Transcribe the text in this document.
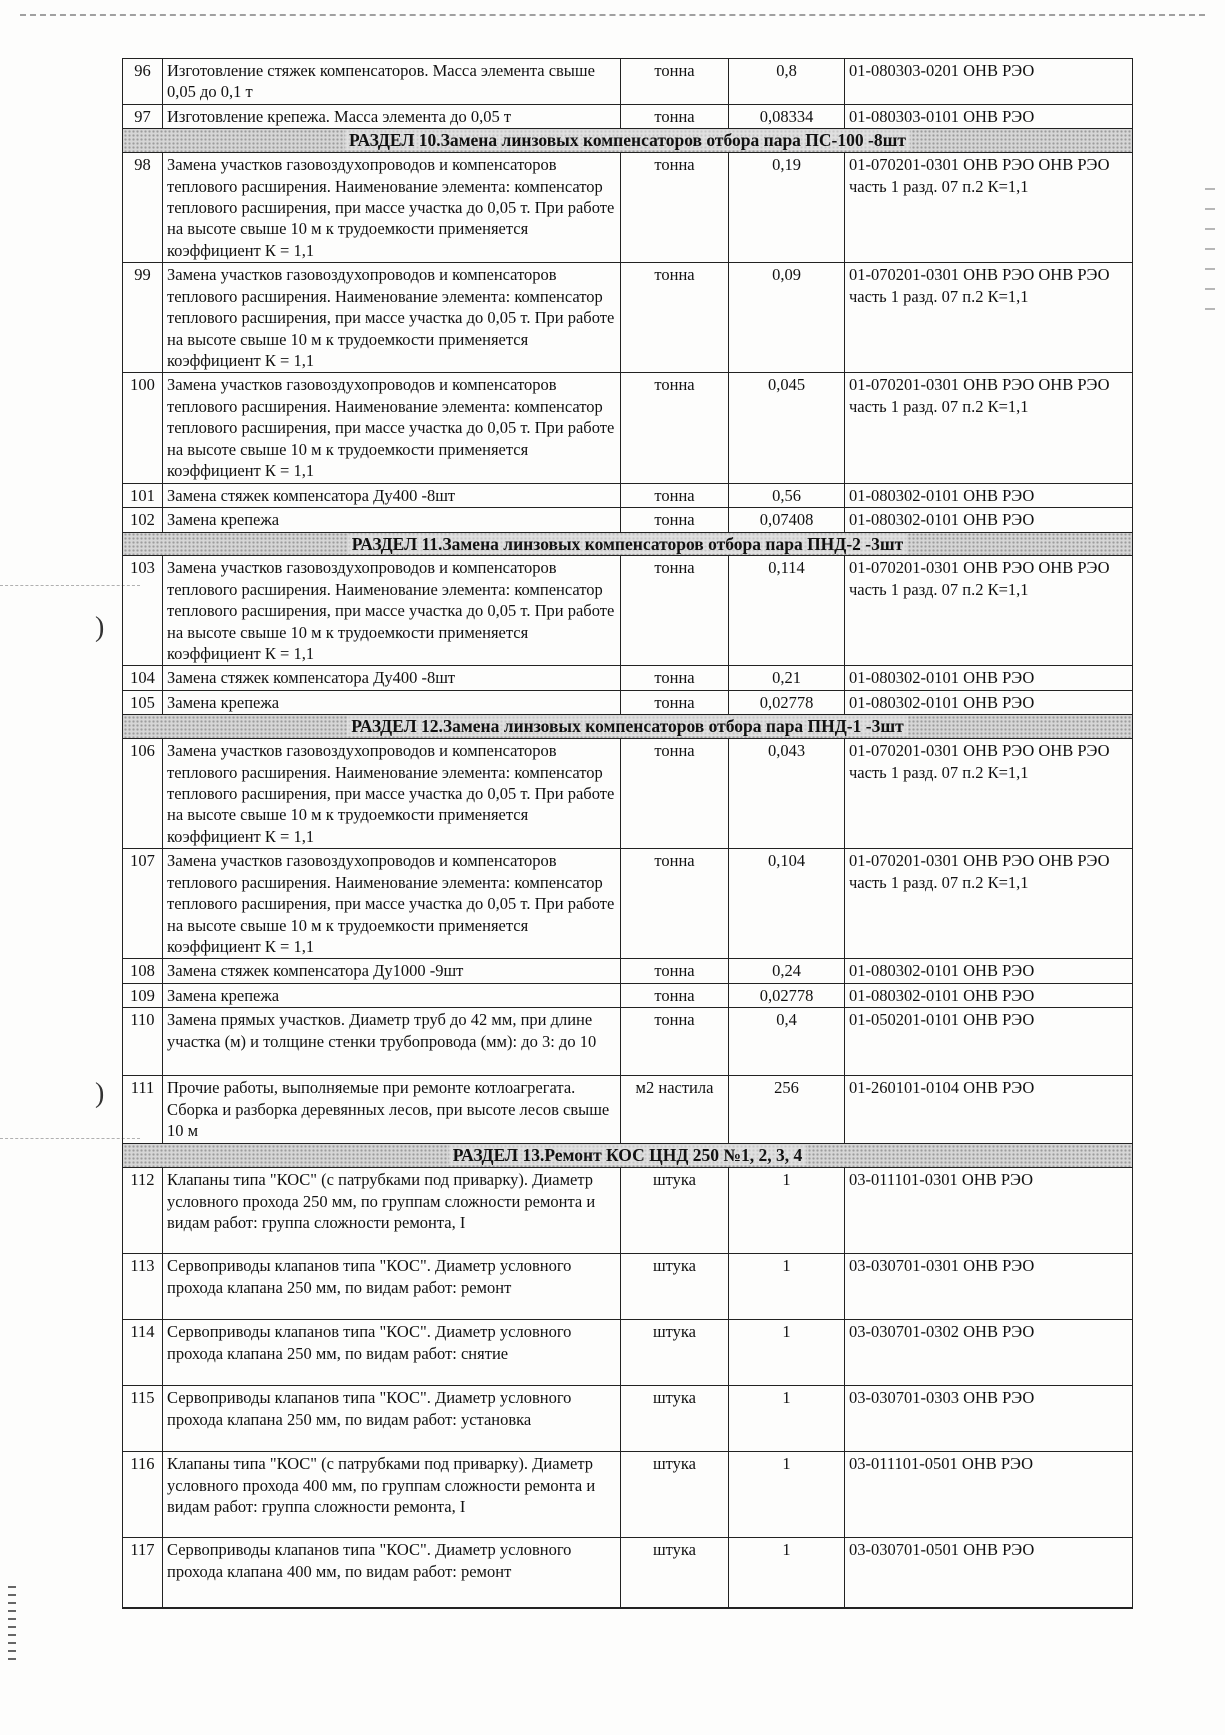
)
)
96	Изготовление стяжек компенсаторов. Масса элемента свыше 0,05 до 0,1 т	тонна	0,8	01-080303-0201 ОНВ РЭО
97	Изготовление крепежа. Масса элемента до 0,05 т	тонна	0,08334	01-080303-0101 ОНВ РЭО
РАЗДЕЛ 10.Замена линзовых компенсаторов отбора пара ПС-100 -8шт				
98	Замена участков газовоздухопроводов и компенсаторов теплового расширения. Наименование элемента: компенсатор теплового расширения, при массе участка до 0,05 т. При работе на высоте свыше 10 м к трудоемкости применяется коэффициент К = 1,1	тонна	0,19	01-070201-0301 ОНВ РЭО ОНВ РЭО часть 1 разд. 07 п.2 К=1,1
99	Замена участков газовоздухопроводов и компенсаторов теплового расширения. Наименование элемента: компенсатор теплового расширения, при массе участка до 0,05 т. При работе на высоте свыше 10 м к трудоемкости применяется коэффициент К = 1,1	тонна	0,09	01-070201-0301 ОНВ РЭО ОНВ РЭО часть 1 разд. 07 п.2 К=1,1
100	Замена участков газовоздухопроводов и компенсаторов теплового расширения. Наименование элемента: компенсатор теплового расширения, при массе участка до 0,05 т. При работе на высоте свыше 10 м к трудоемкости применяется коэффициент К = 1,1	тонна	0,045	01-070201-0301 ОНВ РЭО ОНВ РЭО часть 1 разд. 07 п.2 К=1,1
101	Замена стяжек компенсатора Ду400 -8шт	тонна	0,56	01-080302-0101 ОНВ РЭО
102	Замена крепежа	тонна	0,07408	01-080302-0101 ОНВ РЭО
РАЗДЕЛ 11.Замена линзовых компенсаторов отбора пара ПНД-2 -3шт				
103	Замена участков газовоздухопроводов и компенсаторов теплового расширения. Наименование элемента: компенсатор теплового расширения, при массе участка до 0,05 т. При работе на высоте свыше 10 м к трудоемкости применяется коэффициент К = 1,1	тонна	0,114	01-070201-0301 ОНВ РЭО ОНВ РЭО часть 1 разд. 07 п.2 К=1,1
104	Замена стяжек компенсатора Ду400 -8шт	тонна	0,21	01-080302-0101 ОНВ РЭО
105	Замена крепежа	тонна	0,02778	01-080302-0101 ОНВ РЭО
РАЗДЕЛ 12.Замена линзовых компенсаторов отбора пара ПНД-1 -3шт				
106	Замена участков газовоздухопроводов и компенсаторов теплового расширения. Наименование элемента: компенсатор теплового расширения, при массе участка до 0,05 т. При работе на высоте свыше 10 м к трудоемкости применяется коэффициент К = 1,1	тонна	0,043	01-070201-0301 ОНВ РЭО ОНВ РЭО часть 1 разд. 07 п.2 К=1,1
107	Замена участков газовоздухопроводов и компенсаторов теплового расширения. Наименование элемента: компенсатор теплового расширения, при массе участка до 0,05 т. При работе на высоте свыше 10 м к трудоемкости применяется коэффициент К = 1,1	тонна	0,104	01-070201-0301 ОНВ РЭО ОНВ РЭО часть 1 разд. 07 п.2 К=1,1
108	Замена стяжек компенсатора Ду1000 -9шт	тонна	0,24	01-080302-0101 ОНВ РЭО
109	Замена крепежа	тонна	0,02778	01-080302-0101 ОНВ РЭО
110	Замена прямых участков. Диаметр труб до 42 мм, при длине участка (м) и толщине стенки трубопровода (мм): до 3: до 10	тонна	0,4	01-050201-0101 ОНВ РЭО
111	Прочие работы, выполняемые при ремонте котлоагрегата. Сборка и разборка деревянных лесов, при высоте лесов свыше 10 м	м2 настила	256	01-260101-0104 ОНВ РЭО
РАЗДЕЛ 13.Ремонт КОС ЦНД 250 №1, 2, 3, 4				
112	Клапаны типа "КОС" (с патрубками под приварку). Диаметр условного прохода 250 мм, по группам сложности ремонта и видам работ: группа сложности ремонта, I	штука	1	03-011101-0301 ОНВ РЭО
113	Сервоприводы клапанов типа "КОС". Диаметр условного прохода клапана 250 мм, по видам работ: ремонт	штука	1	03-030701-0301 ОНВ РЭО
114	Сервоприводы клапанов типа "КОС". Диаметр условного прохода клапана 250 мм, по видам работ: снятие	штука	1	03-030701-0302 ОНВ РЭО
115	Сервоприводы клапанов типа "КОС". Диаметр условного прохода клапана 250 мм, по видам работ: установка	штука	1	03-030701-0303 ОНВ РЭО
116	Клапаны типа "КОС" (с патрубками под приварку). Диаметр условного прохода 400 мм, по группам сложности ремонта и видам работ: группа сложности ремонта, I	штука	1	03-011101-0501 ОНВ РЭО
117	Сервоприводы клапанов типа "КОС". Диаметр условного прохода клапана 400 мм, по видам работ: ремонт	штука	1	03-030701-0501 ОНВ РЭО
